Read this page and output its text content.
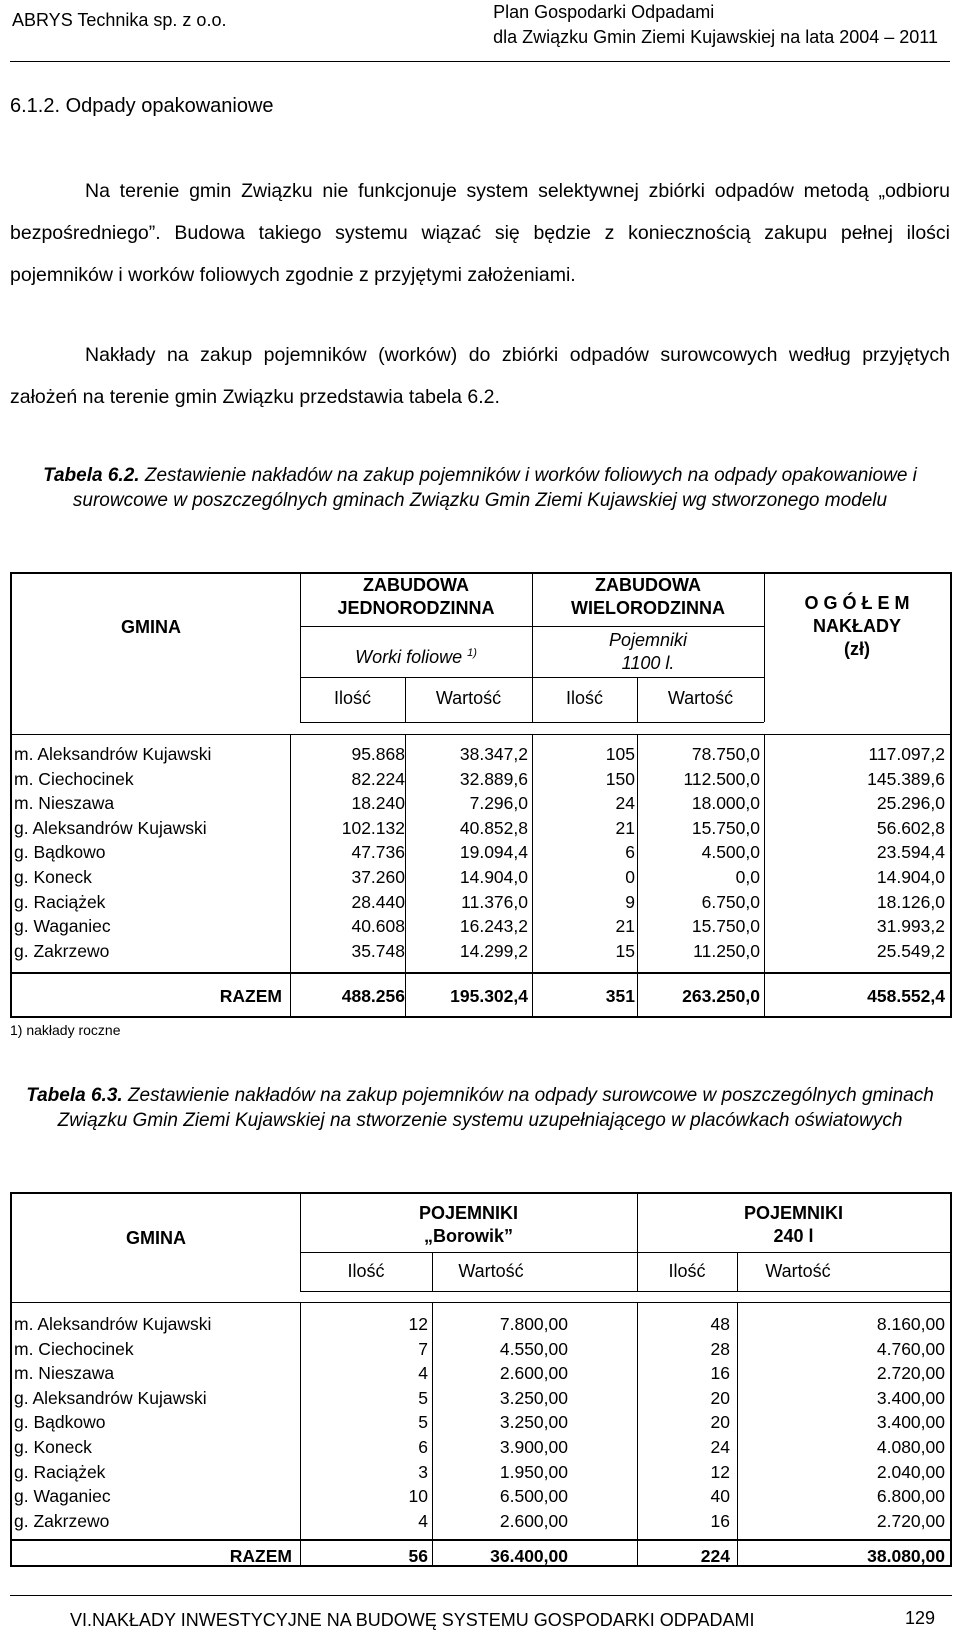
ABRYS Technika sp. z o.o.	Plan Gospodarki Odpadami
dla Związku Gmin Ziemi Kujawskiej na lata 2004 – 2011
6.1.2. Odpady opakowaniowe

Na terenie gmin Związku nie funkcjonuje system selektywnej zbiórki odpadów metodą „odbioru bezpośredniego”. Budowa takiego systemu wiązać się będzie z koniecznością zakupu pełnej ilości pojemników i worków foliowych zgodnie z przyjętymi założeniami.

Nakłady na zakup pojemników (worków) do zbiórki odpadów surowcowych według przyjętych założeń na terenie gmin Związku przedstawia tabela 6.2.

Tabela 6.2. Zestawienie nakładów na zakup pojemników i worków foliowych na odpady opakowaniowe i surowcowe w poszczególnych gminach Związku Gmin Ziemi Kujawskiej wg stworzonego modelu
GMINA
ZABUDOWA
JEDNORODZINNA
Worki foliowe $^{1)}$
ZABUDOWA
WIELORODZINNA
Pojemniki
1100 l.
O G Ó Ł E M
NAKŁADY
(zł)
Ilość	Wartość	Ilość	Wartość
m. Aleksandrów Kujawski	95.868	38.347,2	105	78.750,0	117.097,2
m. Ciechocinek	82.224	32.889,6	150	112.500,0	145.389,6
m. Nieszawa	18.240	7.296,0	24	18.000,0	25.296,0
g. Aleksandrów Kujawski	102.132	40.852,8	21	15.750,0	56.602,8
g. Bądkowo	47.736	19.094,4	6	4.500,0	23.594,4
g. Koneck	37.260	14.904,0	0	0,0	14.904,0
g. Raciążek	28.440	11.376,0	9	6.750,0	18.126,0
g. Waganiec	40.608	16.243,2	21	15.750,0	31.993,2
g. Zakrzewo	35.748	14.299,2	15	11.250,0	25.549,2
RAZEM	488.256	195.302,4	351	263.250,0	458.552,4
1) nakłady roczne
Tabela 6.3. Zestawienie nakładów na zakup pojemników na odpady surowcowe w poszczególnych gminach Związku Gmin Ziemi Kujawskiej na stworzenie systemu uzupełniającego w placówkach oświatowych
GMINA
POJEMNIKI
„Borowik”
POJEMNIKI
240 l
Ilość	Wartość	Ilość	Wartość
m. Aleksandrów Kujawski	12	7.800,00	48	8.160,00
m. Ciechocinek	7	4.550,00	28	4.760,00
m. Nieszawa	4	2.600,00	16	2.720,00
g. Aleksandrów Kujawski	5	3.250,00	20	3.400,00
g. Bądkowo	5	3.250,00	20	3.400,00
g. Koneck	6	3.900,00	24	4.080,00
g. Raciążek	3	1.950,00	12	2.040,00
g. Waganiec	10	6.500,00	40	6.800,00
g. Zakrzewo	4	2.600,00	16	2.720,00
RAZEM	56	36.400,00	224	38.080,00
VI.NAKŁADY INWESTYCYJNE NA BUDOWĘ SYSTEMU GOSPODARKI ODPADAMI	129
